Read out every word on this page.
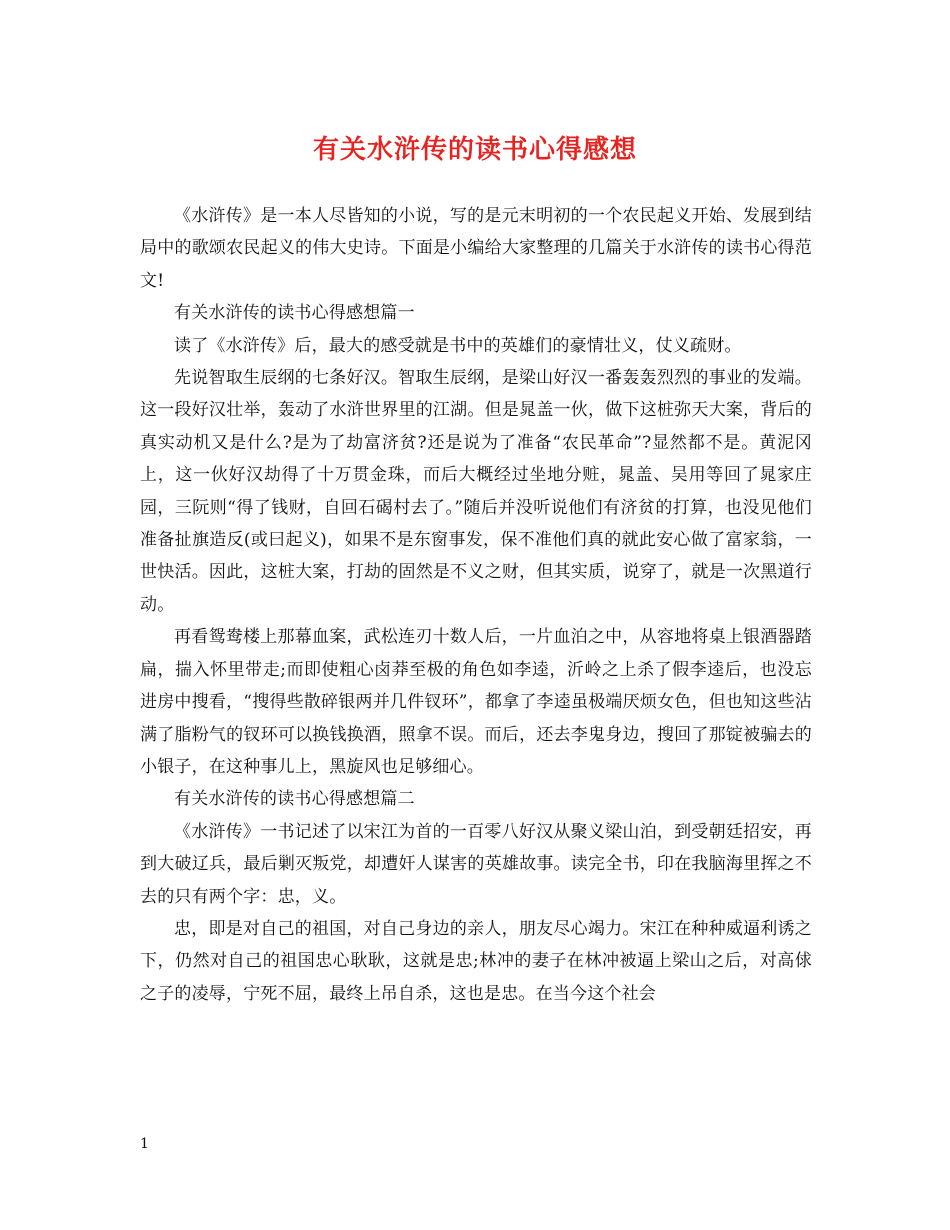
有关水浒传的读书心得感想

《水浒传》是一本人尽皆知的小说，写的是元末明初的一个农民起义开始、发展到结局中的歌颂农民起义的伟大史诗。下面是小编给大家整理的几篇关于水浒传的读书心得范文!

有关水浒传的读书心得感想篇一

读了《水浒传》后，最大的感受就是书中的英雄们的豪情壮义，仗义疏财。

先说智取生辰纲的七条好汉。智取生辰纲，是梁山好汉一番轰轰烈烈的事业的发端。这一段好汉壮举，轰动了水浒世界里的江湖。但是晁盖一伙，做下这桩弥天大案，背后的真实动机又是什么?是为了劫富济贫?还是说为了准备“农民革命”?显然都不是。黄泥冈上，这一伙好汉劫得了十万贯金珠，而后大概经过坐地分赃，晁盖、吴用等回了晁家庄园，三阮则“得了钱财，自回石碣村去了。”随后并没听说他们有济贫的打算，也没见他们准备扯旗造反(或曰起义)，如果不是东窗事发，保不准他们真的就此安心做了富家翁，一世快活。因此，这桩大案，打劫的固然是不义之财，但其实质，说穿了，就是一次黑道行动。

再看鸳鸯楼上那幕血案，武松连刃十数人后，一片血泊之中，从容地将桌上银酒器踏扁，揣入怀里带走;而即使粗心卤莽至极的角色如李逵，沂岭之上杀了假李逵后，也没忘进房中搜看，“搜得些散碎银两并几件钗环”，都拿了李逵虽极端厌烦女色，但也知这些沾满了脂粉气的钗环可以换钱换酒，照拿不误。而后，还去李鬼身边，搜回了那锭被骗去的小银子，在这种事儿上，黑旋风也足够细心。

有关水浒传的读书心得感想篇二

《水浒传》一书记述了以宋江为首的一百零八好汉从聚义梁山泊，到受朝廷招安，再到大破辽兵，最后剿灭叛党，却遭奸人谋害的英雄故事。读完全书，印在我脑海里挥之不去的只有两个字：忠，义。

忠，即是对自己的祖国，对自己身边的亲人，朋友尽心竭力。宋江在种种威逼利诱之下，仍然对自己的祖国忠心耿耿，这就是忠;林冲的妻子在林冲被逼上梁山之后，对高俅之子的凌辱，宁死不屈，最终上吊自杀，这也是忠。在当今这个社会

1
